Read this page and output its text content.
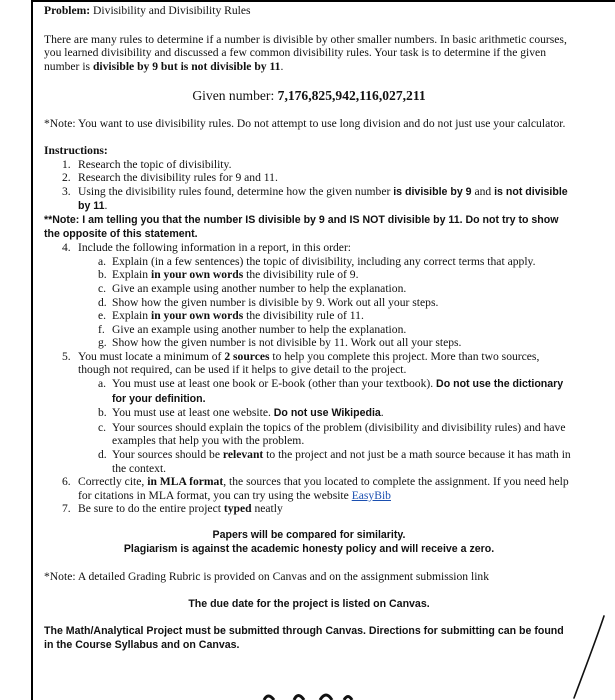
Problem: Divisibility and Divisibility Rules

There are many rules to determine if a number is divisible by other smaller numbers. In basic arithmetic courses, you learned divisibility and discussed a few common divisibility rules. Your task is to determine if the given number is divisible by 9 but is not divisible by 11.

Given number: 7,176,825,942,116,027,211

*Note: You want to use divisibility rules. Do not attempt to use long division and do not just use your calculator.

Instructions:

1. Research the topic of divisibility.
2. Research the divisibility rules for 9 and 11.
3. Using the divisibility rules found, determine how the given number is divisible by 9 and is not divisible by 11.

**Note: I am telling you that the number IS divisible by 9 and IS NOT divisible by 11. Do not try to show the opposite of this statement.

4. Include the following information in a report, in this order:
a. Explain (in a few sentences) the topic of divisibility, including any correct terms that apply.
b. Explain in your own words the divisibility rule of 9.
c. Give an example using another number to help the explanation.
d. Show how the given number is divisible by 9. Work out all your steps.
e. Explain in your own words the divisibility rule of 11.
f. Give an example using another number to help the explanation.
g. Show how the given number is not divisible by 11. Work out all your steps.
5. You must locate a minimum of 2 sources to help you complete this project. More than two sources, though not required, can be used if it helps to give detail to the project.
a. You must use at least one book or E-book (other than your textbook). Do not use the dictionary for your definition.
b. You must use at least one website. Do not use Wikipedia.
c. Your sources should explain the topics of the problem (divisibility and divisibility rules) and have examples that help you with the problem.
d. Your sources should be relevant to the project and not just be a math source because it has math in the context.
6. Correctly cite, in MLA format, the sources that you located to complete the assignment. If you need help for citations in MLA format, you can try using the website EasyBib
7. Be sure to do the entire project typed neatly

Papers will be compared for similarity.

Plagiarism is against the academic honesty policy and will receive a zero.

*Note: A detailed Grading Rubric is provided on Canvas and on the assignment submission link

The due date for the project is listed on Canvas.

The Math/Analytical Project must be submitted through Canvas. Directions for submitting can be found in the Course Syllabus and on Canvas.
